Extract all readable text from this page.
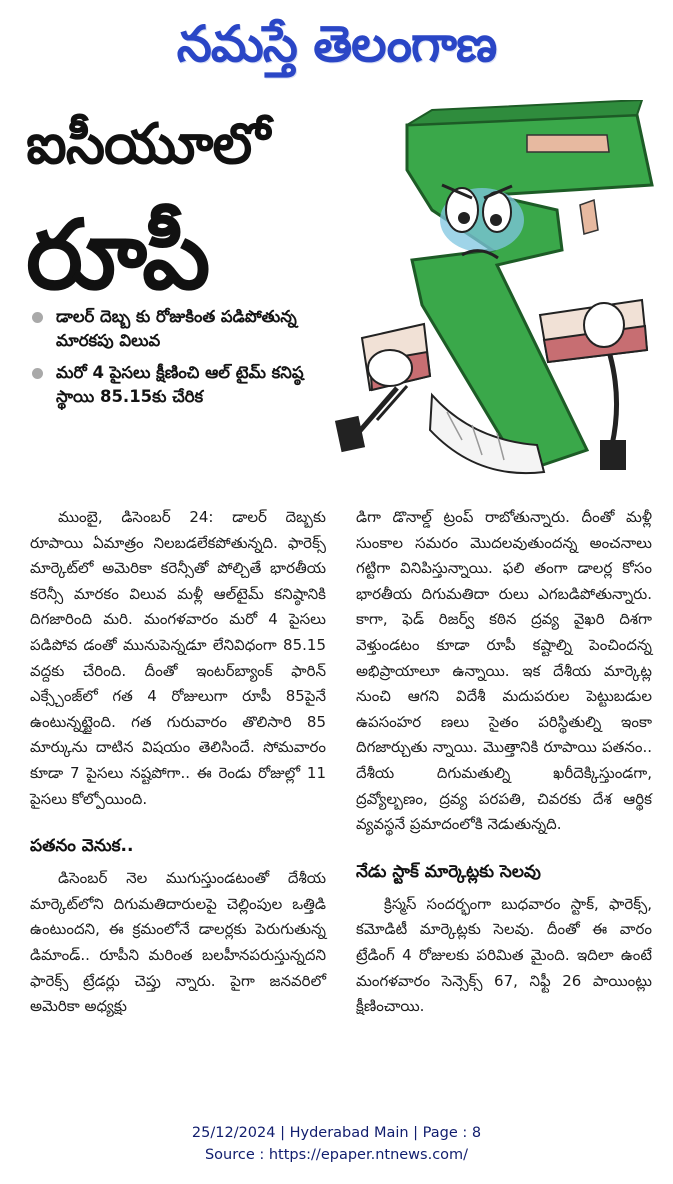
నమస్తే తెలంగాణ
ఐసీయూలో
రూపీ
డాలర్ దెబ్బ కు రోజుకింత పడిపోతున్న మారకపు విలువ
మరో 4 పైసలు క్షీణించి ఆల్ టైమ్ కనిష్ఠ స్థాయి 85.15కు చేరిక

ముంబై, డిసెంబర్ 24: డాలర్ దెబ్బకు రూపాయి ఏమాత్రం నిలబడలేకపోతున్నది. ఫారెక్స్ మార్కెట్‌లో అమెరికా కరెన్సీతో పోల్చితే భారతీయ కరెన్సీ మారకం విలువ మళ్లీ ఆల్‌టైమ్ కనిష్ఠానికి దిగజారింది మరి. మంగళవారం మరో 4 పైసలు పడిపోవ డంతో మునుపెన్నడూ లేనివిధంగా 85.15 వద్దకు చేరింది. దీంతో ఇంటర్‌బ్యాంక్ ఫారిన్ ఎక్స్చేంజ్‌లో గత 4 రోజులుగా రూపీ 85పైనే ఉంటున్నట్టైంది. గత గురువారం తొలిసారి 85 మార్కును దాటిన విషయం తెలిసిందే. సోమవారం కూడా 7 పైసలు నష్టపోగా.. ఈ రెండు రోజుల్లో 11 పైసలు కోల్పోయింది.

పతనం వెనుక..

డిసెంబర్ నెల ముగుస్తుండటంతో దేశీయ మార్కెట్‌లోని దిగుమతిదారులపై చెల్లింపుల ఒత్తిడి ఉంటుందని, ఈ క్రమంలోనే డాలర్లకు పెరుగుతున్న డిమాండ్.. రూపీని మరింత బలహీనపరుస్తున్నదని ఫారెక్స్ ట్రేడర్లు చెప్తు న్నారు. పైగా జనవరిలో అమెరికా అధ్యక్షు

డిగా డొనాల్డ్ ట్రంప్ రాబోతున్నారు. దీంతో మళ్లీ సుంకాల సమరం మొదలవుతుందన్న అంచనాలు గట్టిగా వినిపిస్తున్నాయి. ఫలి తంగా డాలర్ల కోసం భారతీయ దిగుమతిదా రులు ఎగబడిపోతున్నారు. కాగా, ఫెడ్ రిజర్వ్ కఠిన ద్రవ్య వైఖరి దిశగా వెళ్తుండటం కూడా రూపీ కష్టాల్ని పెంచిందన్న అభిప్రాయాలూ ఉన్నాయి. ఇక దేశీయ మార్కెట్ల నుంచి ఆగని విదేశీ మదుపరుల పెట్టుబడుల ఉపసంహర ణలు సైతం పరిస్థితుల్ని ఇంకా దిగజార్చుతు న్నాయి. మొత్తానికి రూపాయి పతనం.. దేశీయ దిగుమతుల్ని ఖరీదెక్కిస్తుండగా, ద్రవ్యోల్బణం, ద్రవ్య పరపతి, చివరకు దేశ ఆర్థిక వ్యవస్థనే ప్రమాదంలోకి నెడుతున్నది.

నేడు స్టాక్ మార్కెట్లకు సెలవు

క్రిస్మస్ సందర్భంగా బుధవారం స్టాక్, ఫారెక్స్, కమోడిటీ మార్కెట్లకు సెలవు. దీంతో ఈ వారం ట్రేడింగ్ 4 రోజులకు పరిమిత మైంది. ఇదిలా ఉంటే మంగళవారం సెన్సెక్స్ 67, నిఫ్టీ 26 పాయింట్లు క్షీణించాయి.

25/12/2024 | Hyderabad Main | Page : 8
Source : https://epaper.ntnews.com/
